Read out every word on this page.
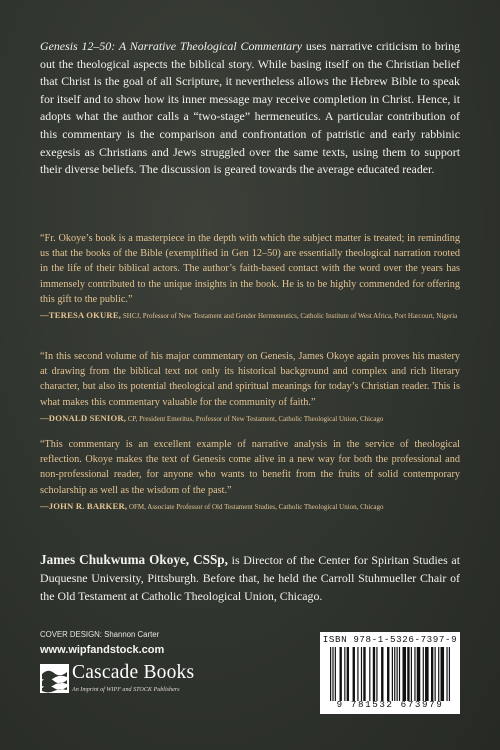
Genesis 12–50: A Narrative Theological Commentary uses narrative criticism to bring out the theological aspects the biblical story. While basing itself on the Christian belief that Christ is the goal of all Scripture, it nevertheless allows the Hebrew Bible to speak for itself and to show how its inner message may receive completion in Christ. Hence, it adopts what the author calls a “two-stage” hermeneutics. A particular contribution of this commentary is the comparison and confrontation of patristic and early rabbinic exegesis as Christians and Jews struggled over the same texts, using them to support their diverse beliefs. The discussion is geared towards the average educated reader.

“Fr. Okoye’s book is a masterpiece in the depth with which the subject matter is treated; in reminding us that the books of the Bible (exemplified in Gen 12–50) are essentially theological narration rooted in the life of their biblical actors. The author’s faith-based contact with the word over the years has immensely contributed to the unique insights in the book. He is to be highly commended for offering this gift to the public.”

—TERESA OKURE, SHCJ, Professor of New Testament and Gender Hermeneutics, Catholic Institute of West Africa, Port Harcourt, Nigeria

“In this second volume of his major commentary on Genesis, James Okoye again proves his mastery at drawing from the biblical text not only its historical background and complex and rich literary character, but also its potential theological and spiritual meanings for today’s Christian reader. This is what makes this commentary valuable for the community of faith.”

—DONALD SENIOR, CP, President Emeritus, Professor of New Testament, Catholic Theological Union, Chicago

“This commentary is an excellent example of narrative analysis in the service of theological reflection. Okoye makes the text of Genesis come alive in a new way for both the professional and non-professional reader, for anyone who wants to benefit from the fruits of solid contemporary scholarship as well as the wisdom of the past.”

—JOHN R. BARKER, OFM, Associate Professor of Old Testament Studies, Catholic Theological Union, Chicago

James Chukwuma Okoye, CSSp, is Director of the Center for Spiritan Studies at Duquesne University, Pittsburgh. Before that, he held the Carroll Stuhmueller Chair of the Old Testament at Catholic Theological Union, Chicago.

COVER DESIGN: Shannon Carter
www.wipfandstock.com
Cascade Books
An Imprint of WIPF and STOCK Publishers
ISBN 978-1-5326-7397-9
9 781532 673979
